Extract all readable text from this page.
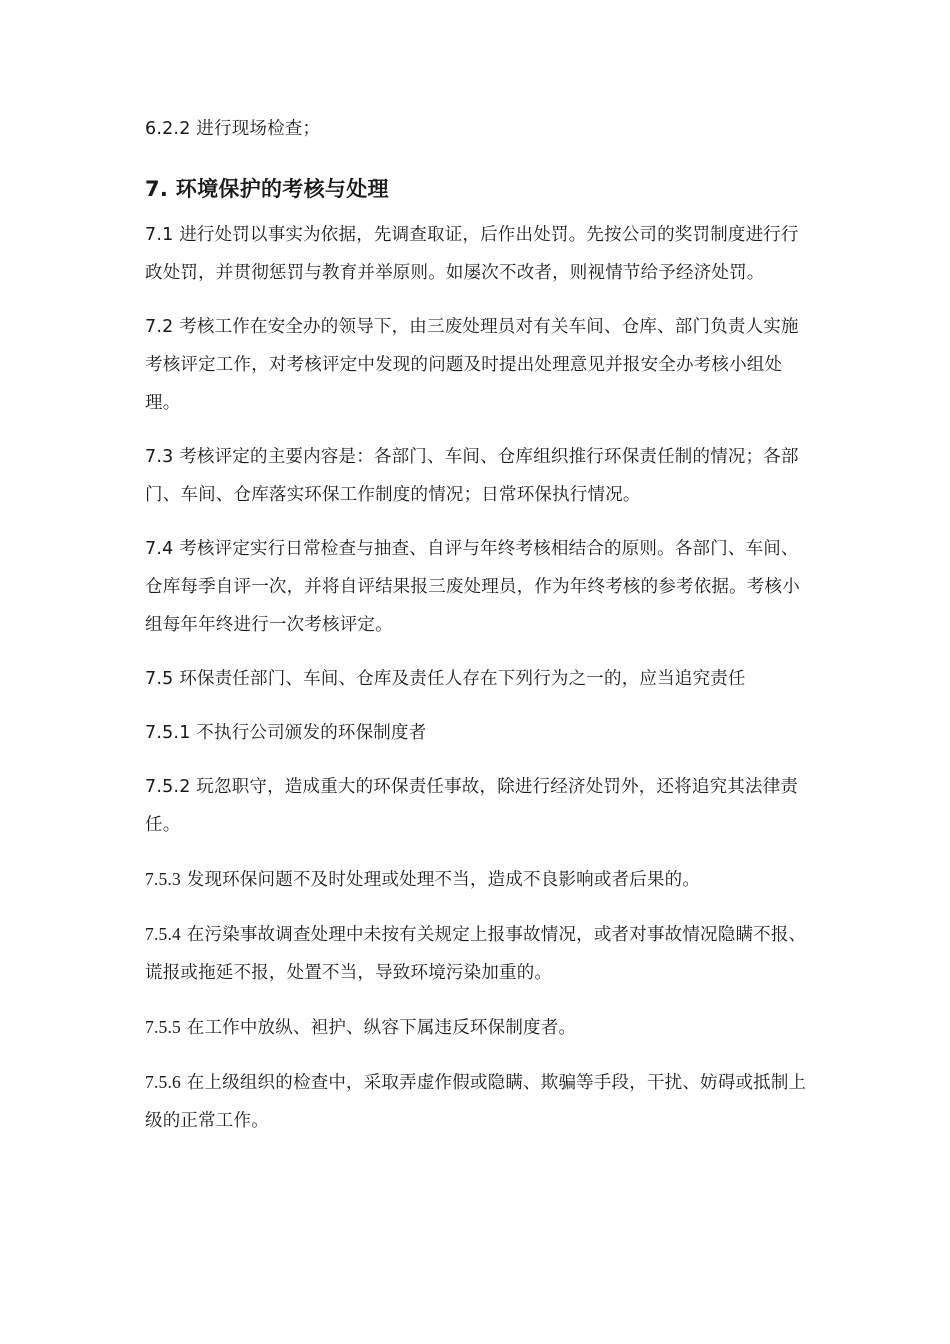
6.2.2 进行现场检查；

7. 环境保护的考核与处理

7.1 进行处罚以事实为依据，先调查取证，后作出处罚。先按公司的奖罚制度进行行政处罚，并贯彻惩罚与教育并举原则。如屡次不改者，则视情节给予经济处罚。

7.2 考核工作在安全办的领导下，由三废处理员对有关车间、仓库、部门负责人实施考核评定工作，对考核评定中发现的问题及时提出处理意见并报安全办考核小组处理。

7.3 考核评定的主要内容是：各部门、车间、仓库组织推行环保责任制的情况；各部门、车间、仓库落实环保工作制度的情况；日常环保执行情况。

7.4 考核评定实行日常检查与抽查、自评与年终考核相结合的原则。各部门、车间、仓库每季自评一次，并将自评结果报三废处理员，作为年终考核的参考依据。考核小组每年年终进行一次考核评定。

7.5 环保责任部门、车间、仓库及责任人存在下列行为之一的，应当追究责任

7.5.1 不执行公司颁发的环保制度者

7.5.2 玩忽职守，造成重大的环保责任事故，除进行经济处罚外，还将追究其法律责任。

7.5.3 发现环保问题不及时处理或处理不当，造成不良影响或者后果的。

7.5.4 在污染事故调查处理中未按有关规定上报事故情况，或者对事故情况隐瞒不报、谎报或拖延不报，处置不当，导致环境污染加重的。

7.5.5 在工作中放纵、袒护、纵容下属违反环保制度者。

7.5.6 在上级组织的检查中，采取弄虚作假或隐瞒、欺骗等手段，干扰、妨碍或抵制上级的正常工作。
